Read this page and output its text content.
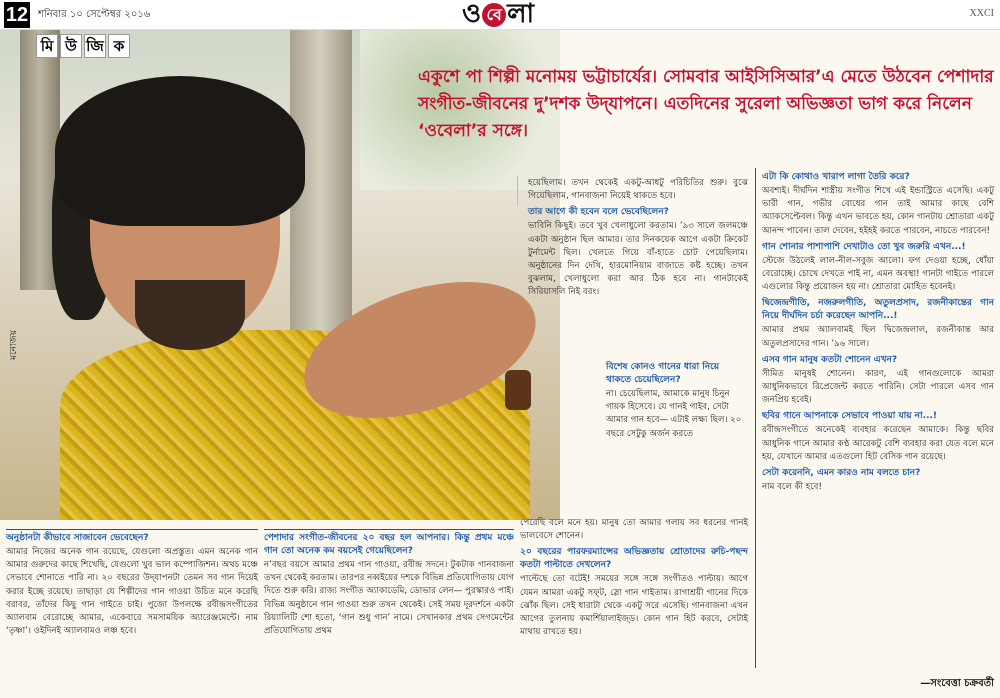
12 শনিবার ১০ সেপ্টেম্বর ২০১৬	ও বে লা	XXCI
মনোজয়
মি উ জি ক
একুশে পা শিল্পী মনোময় ভট্টাচার্যের। সোমবার আইসিসিআর’এ মেতে উঠবেন পেশাদার সংগীত-জীবনের দু’দশক উদ্‌যাপনে। এতদিনের সুরেলা অভিজ্ঞতা ভাগ করে নিলেন ‘ওবেলা’র সঙ্গে।
অনুষ্ঠানটা কীভাবে সাজাবেন ভেবেছেন?
আমার নিজের অনেক গান রয়েছে, যেগুলো অপ্রস্তুত। এমন অনেক গান আমার গুরুদের কাছে শিখেছি, যেগুলো খুব ভাল কম্পোজিশন। অথচ মঞ্চে সেভাবে শোনাতে পারি না। ২০ বছরের উদ্‌যাপনটা তেমন সব গান দিয়েই করার ইচ্ছে রয়েছে। তাছাড়া যে শিল্পীদের গান গাওয়া উচিত মনে করেছি বরাবর, তাঁদের কিছু গান গাইতে চাই। পুজো উপলক্ষে রবীন্দ্রসংগীতের অ্যালবাম বেরোচ্ছে আমার, একেবারে সমসাময়িক অ্যারেঞ্জমেন্টে। নাম ‘তৃষ্ণা’। ওইদিনই অ্যালবামও লঞ্চ হবে।
পেশাদার সংগীত-জীবনের ২০ বছর হল আপনার। কিন্তু প্রথম মঞ্চে গান তো অনেক কম বয়সেই গেয়েছিলেন?
ন’বছর বয়সে আমার প্রথম গান গাওয়া, রবীন্দ্র সদনে। টুকটাক গানবাজনা তখন থেকেই করতাম। তারপর নব্বইয়ের দশকে বিভিন্ন প্রতিযোগিতায় যোগ দিতে শুরু করি। রাজ্য সংগীত অ্যাকাডেমি, ডোভার লেন— পুরস্কারও পাই। বিভিন্ন অনুষ্ঠানে গান গাওয়া শুরু তখন থেকেই। সেই সময় দূরদর্শনে একটা রিয়্যালিটি শো হতো, ‘গান শুধু গান’ নামে। সেখানকার প্রথম সেগমেন্টের প্রতিযোগিতায় প্রথম
হয়েছিলাম। তখন থেকেই একটু-আধটু পরিচিতির শুরু। বুঝে গিয়েছিলাম, গানবাজনা নিয়েই থাকতে হবে।
তার আগে কী হবেন বলে ভেবেছিলেন?
ভাবিনি কিছুই। তবে খুব খেলাধুলো করতাম। ’৯৩ সালে জলমঞ্চে একটা অনুষ্ঠান ছিল আমার। তার দিনকয়েক আগে একটা ক্রিকেট টুর্নামেন্ট ছিল। খেলতে গিয়ে বাঁ-হাতে চোট পেয়েছিলাম। অনুষ্ঠানের দিন দেখি, হারমোনিয়াম বাজাতে কষ্ট হচ্ছে। তখন বুঝলাম, খেলাধুলো করা আর ঠিক হবে না। গানটাকেই সিরিয়াসলি নিই বরং।
বিশেষ কোনও গানের ধারা নিয়ে থাকতে চেয়েছিলেন?
না। চেয়েছিলাম, আমাকে মানুষ চিনুন গায়ক হিসেবে। যে গানই গাইব, সেটা আমার গান হবে— এটাই লক্ষ্য ছিল। ২০ বছরে সেটুকু অর্জন করতে
পেরেছি বলে মনে হয়। মানুষ তো আমার গলায় সব ধরনের গানই ভালবেসে শোনেন।
২০ বছরের পারফরম্যান্সের অভিজ্ঞতায় শ্রোতাদের রুচি-পছন্দ কতটা পাল্টাতে দেখলেন?
পাল্টেছে তো বটেই! সময়ের সঙ্গে সঙ্গে সংগীতও পাল্টায়। আগে যেমন আমরা একটু সফ্‌ট, স্লো গান গাইতাম। রাগাশ্রয়ী গানের দিকে ঝোঁক ছিল। সেই ধারাটা থেকে একটু সরে এসেছি। গানবাজনা এখন আগের তুলনায় কমার্শিয়ালাইজ্‌ড। কোন গান হিট করবে, সেটাই মাথায় রাখতে হয়।
এটা কি কোথাও খারাপ লাগা তৈরি করে?
অবশ্যই। দীর্ঘদিন শাস্ত্রীয় সংগীত শিখে এই ইন্ডাস্ট্রিতে এসেছি। একটু ভারী গান, গভীর বোধের গান তাই আমার কাছে বেশি অ্যাকসেপ্টেবল। কিন্তু এখন ভাবতে হয়, কোন গানটায় শ্রোতারা একটু আনন্দ পাবেন। তাল দেবেন, হইহই করতে পারবেন, নাচতে পারবেন!
গান শোনার পাশাপাশি দেখাটাও তো খুব জরুরি এখন...!
স্টেজে উঠলেই লাল-নীল-সবুজ আলো। ফগ দেওয়া হচ্ছে, ধোঁয়া বেরোচ্ছে। চোখে দেখতে পাই না, এমন অবস্থা! গানটা গাইতে পারলে এগুলোর কিন্তু প্রয়োজন হয় না। শ্রোতারা মোহিত হবেনই।
দ্বিজেন্দ্রগীতি, নজরুলগীতি, অতুলপ্রসাদ, রজনীকান্তের গান নিয়ে দীর্ঘদিন চর্চা করেছেন আপনি...!
আমার প্রথম অ্যালবামই ছিল দ্বিজেন্দ্রলাল, রজনীকান্ত আর অতুলপ্রসাদের গান। ’৯৬ সালে।
এসব গান মানুষ কতটা শোনেন এখন?
সীমিত মানুষই শোনেন। কারণ, এই গানগুলোকে আমরা আধুনিকভাবে রিপ্রেজেন্ট করতে পারিনি। সেটা পারলে এসব গান জনপ্রিয় হবেই।
ছবির গানে আপনাকে সেভাবে পাওয়া যায় না...!
রবীন্দ্রসংগীতে অনেকেই ব্যবহার করেছেন আমাকে। কিন্তু ছবির আধুনিক গানে আমার কণ্ঠ আরেকটু বেশি ব্যবহার করা যেত বলে মনে হয়, যেখানে আমার এতগুলো হিট বেসিক গান রয়েছে।
সেটা করেননি, এমন কারও নাম বলতে চান?
নাম বলে কী হবে!
—সংবেত্তা চক্রবর্তী
